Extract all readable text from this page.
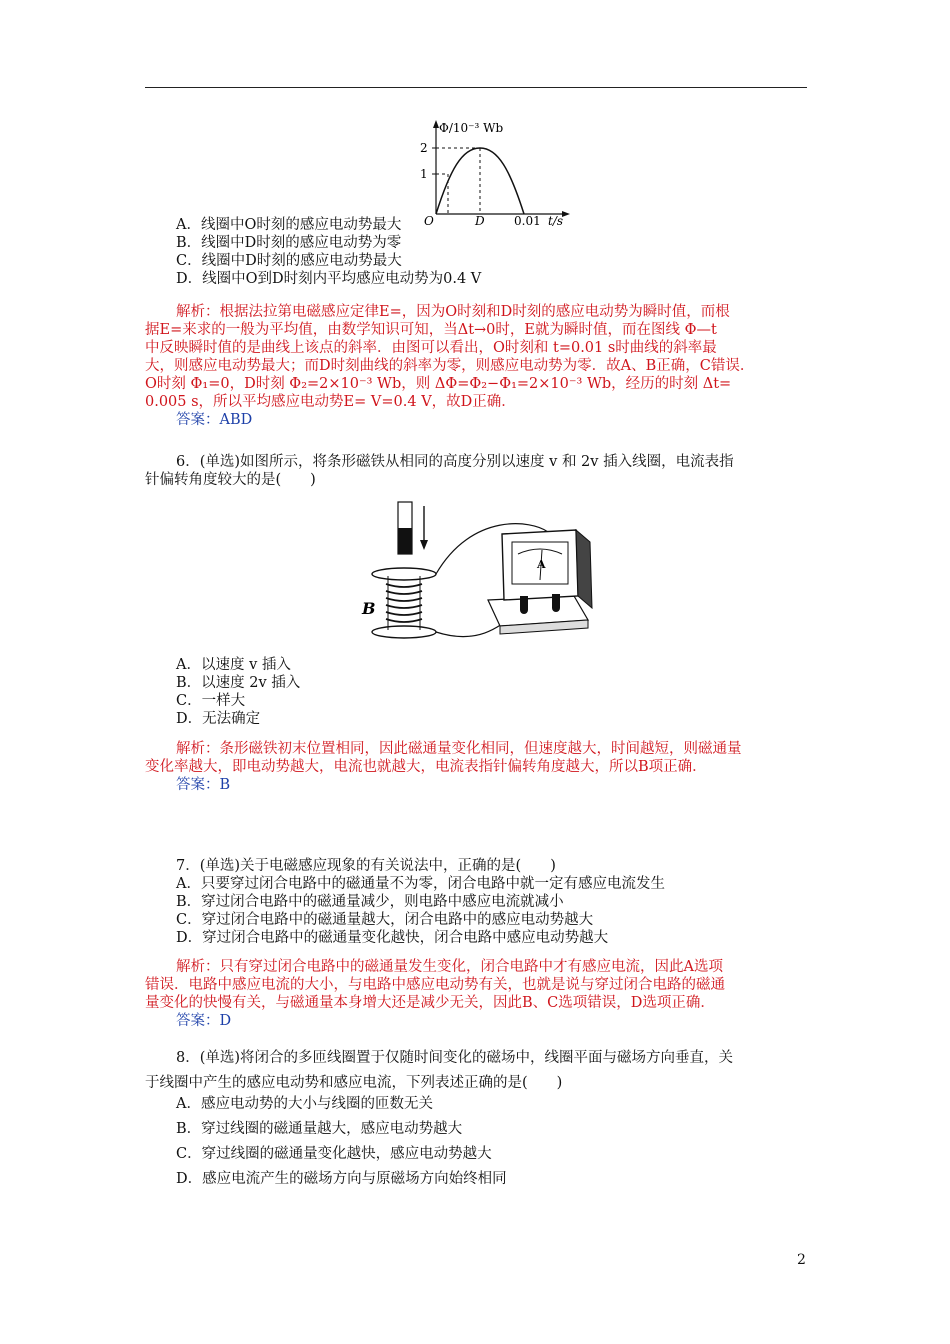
Φ/10⁻³ Wb
2
1
O	D 0.01 t/s
A．线圈中O时刻的感应电动势最大
B．线圈中D时刻的感应电动势为零
C．线圈中D时刻的感应电动势最大
D．线圈中O到D时刻内平均感应电动势为0.4 V
解析：根据法拉第电磁感应定律E=，因为O时刻和D时刻的感应电动势为瞬时值，而根
据E=来求的一般为平均值，由数学知识可知，当Δt→0时，E就为瞬时值，而在图线 Φ—t
中反映瞬时值的是曲线上该点的斜率．由图可以看出，O时刻和 t=0.01 s时曲线的斜率最
大，则感应电动势最大；而D时刻曲线的斜率为零，则感应电动势为零．故A、B正确，C错误．
O时刻 Φ₁=0，D时刻 Φ₂=2×10⁻³ Wb，则 ΔΦ=Φ₂−Φ₁=2×10⁻³ Wb，经历的时刻 Δt=
0.005 s，所以平均感应电动势E= V=0.4 V，故D正确．
答案：ABD
6．(单选)如图所示，将条形磁铁从相同的高度分别以速度 v 和 2v 插入线圈，电流表指
针偏转角度较大的是(　　)
A
B
A．以速度 v 插入
B．以速度 2v 插入
C．一样大
D．无法确定
解析：条形磁铁初末位置相同，因此磁通量变化相同，但速度越大，时间越短，则磁通量
变化率越大，即电动势越大，电流也就越大，电流表指针偏转角度越大，所以B项正确．
答案：B
7．(单选)关于电磁感应现象的有关说法中，正确的是(　　)
A．只要穿过闭合电路中的磁通量不为零，闭合电路中就一定有感应电流发生
B．穿过闭合电路中的磁通量减少，则电路中感应电流就减小
C．穿过闭合电路中的磁通量越大，闭合电路中的感应电动势越大
D．穿过闭合电路中的磁通量变化越快，闭合电路中感应电动势越大
解析：只有穿过闭合电路中的磁通量发生变化，闭合电路中才有感应电流，因此A选项
错误．电路中感应电流的大小，与电路中感应电动势有关，也就是说与穿过闭合电路的磁通
量变化的快慢有关，与磁通量本身增大还是减少无关，因此B、C选项错误，D选项正确．
答案：D
8．(单选)将闭合的多匝线圈置于仅随时间变化的磁场中，线圈平面与磁场方向垂直，关
于线圈中产生的感应电动势和感应电流，下列表述正确的是(　　)
A．感应电动势的大小与线圈的匝数无关
B．穿过线圈的磁通量越大，感应电动势越大
C．穿过线圈的磁通量变化越快，感应电动势越大
D．感应电流产生的磁场方向与原磁场方向始终相同
2
